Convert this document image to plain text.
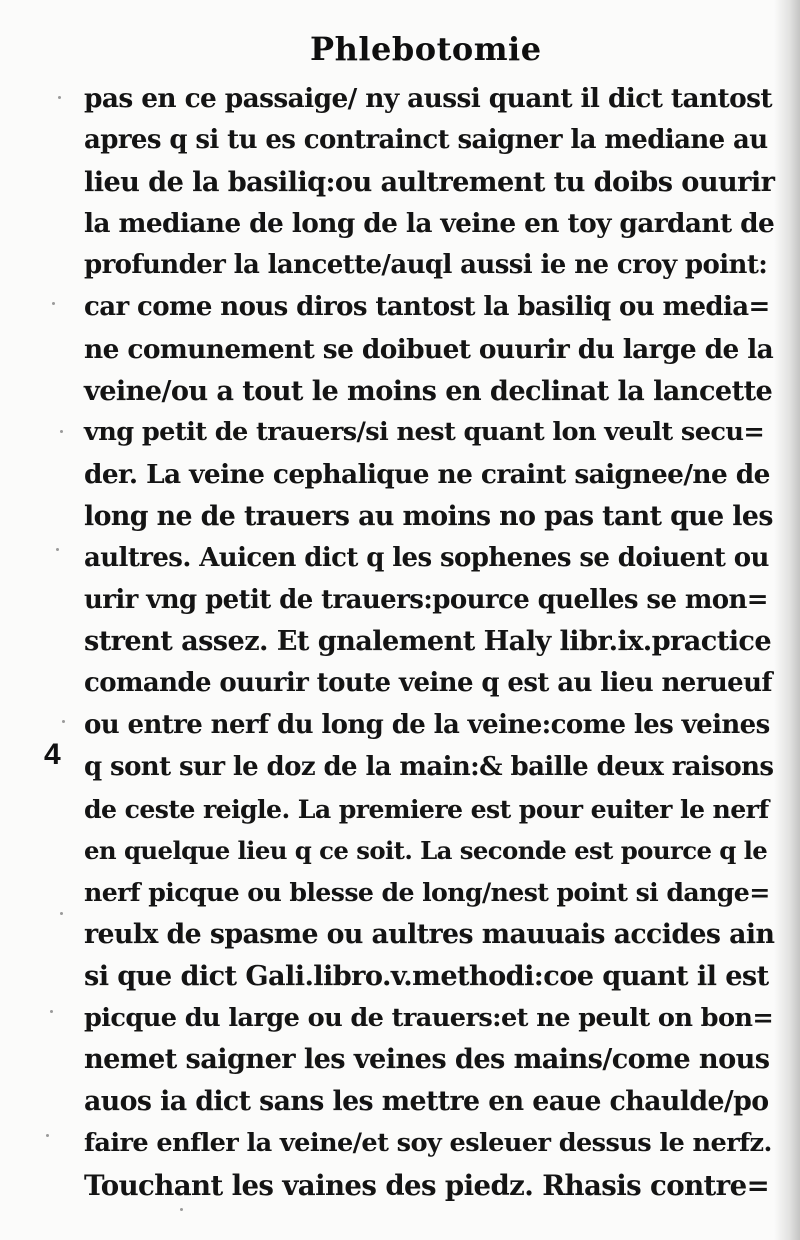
Phlebotomie
4
pas en ce passaige/ ny aussi quant il dict tantost
apres q si tu es contrainct saigner la mediane au
lieu de la basiliq:ou aultrement tu doibs ouurir
la mediane de long de la veine en toy gardant de
profunder la lancette/auql aussi ie ne croy point:
car come nous diros tantost la basiliq ou media=
ne comunement se doibuet ouurir du large de la
veine/ou a tout le moins en declinat la lancette
vng petit de trauers/si nest quant lon veult secu=
der. La veine cephalique ne craint saignee/ne de
long ne de trauers au moins no pas tant que les
aultres. Auicen dict q les sophenes se doiuent ou
urir vng petit de trauers:pource quelles se mon=
strent assez. Et gnalement Haly libr.ix.practice
comande ouurir toute veine q est au lieu nerueuf
ou entre nerf du long de la veine:come les veines
q sont sur le doz de la main:& baille deux raisons
de ceste reigle. La premiere est pour euiter le nerf
en quelque lieu q ce soit. La seconde est pource q le
nerf picque ou blesse de long/nest point si dange=
reulx de spasme ou aultres mauuais accides ain
si que dict Gali.libro.v.methodi:coe quant il est
picque du large ou de trauers:et ne peult on bon=
nemet saigner les veines des mains/come nous
auos ia dict sans les mettre en eaue chaulde/po
faire enfler la veine/et soy esleuer dessus le nerfz.
Touchant les vaines des piedz. Rhasis contre=
